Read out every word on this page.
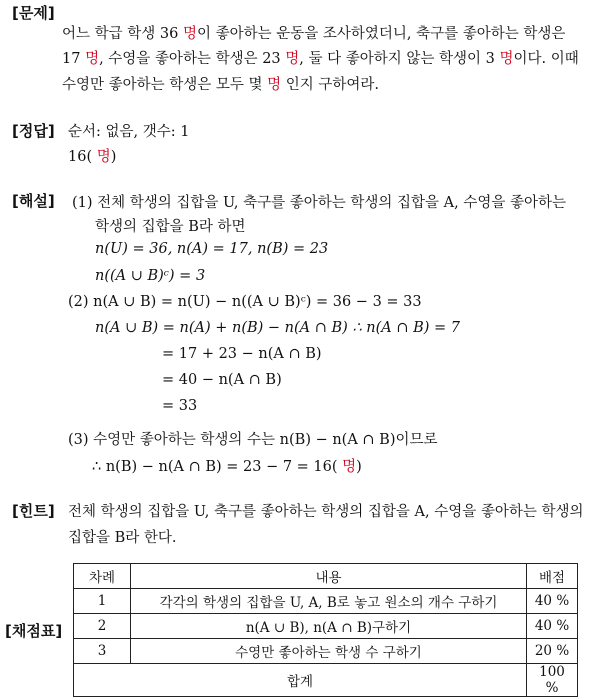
[문제]
어느 학급 학생 36 명이 좋아하는 운동을 조사하였더니, 축구를 좋아하는 학생은
17 명, 수영을 좋아하는 학생은 23 명, 둘 다 좋아하지 않는 학생이 3 명이다. 이때
수영만 좋아하는 학생은 모두 몇 명 인지 구하여라.
[정답] 순서: 없음, 갯수: 1
16( 명)
[해설] (1) 전체 학생의 집합을 U, 축구를 좋아하는 학생의 집합을 A, 수영을 좋아하는
학생의 집합을 B라 하면
n(U) = 36, n(A) = 17, n(B) = 23
n((A ∪ B)ᶜ) = 3
(2) n(A ∪ B) = n(U) − n((A ∪ B)ᶜ) = 36 − 3 = 33
n(A ∪ B) = n(A) + n(B) − n(A ∩ B) ∴ n(A ∩ B) = 7
= 17 + 23 − n(A ∩ B)
= 40 − n(A ∩ B)
= 33
(3) 수영만 좋아하는 학생의 수는 n(B) − n(A ∩ B)이므로
∴ n(B) − n(A ∩ B) = 23 − 7 = 16( 명)
[힌트] 전체 학생의 집합을 U, 축구를 좋아하는 학생의 집합을 A, 수영을 좋아하는 학생의
집합을 B라 한다.
[채점표]
차례	내용	배점
1	각각의 학생의 집합을 U, A, B로 놓고 원소의 개수 구하기	40 %
2	n(A ∪ B), n(A ∩ B)구하기	40 %
3	수영만 좋아하는 학생 수 구하기	20 %
합계		100 %
